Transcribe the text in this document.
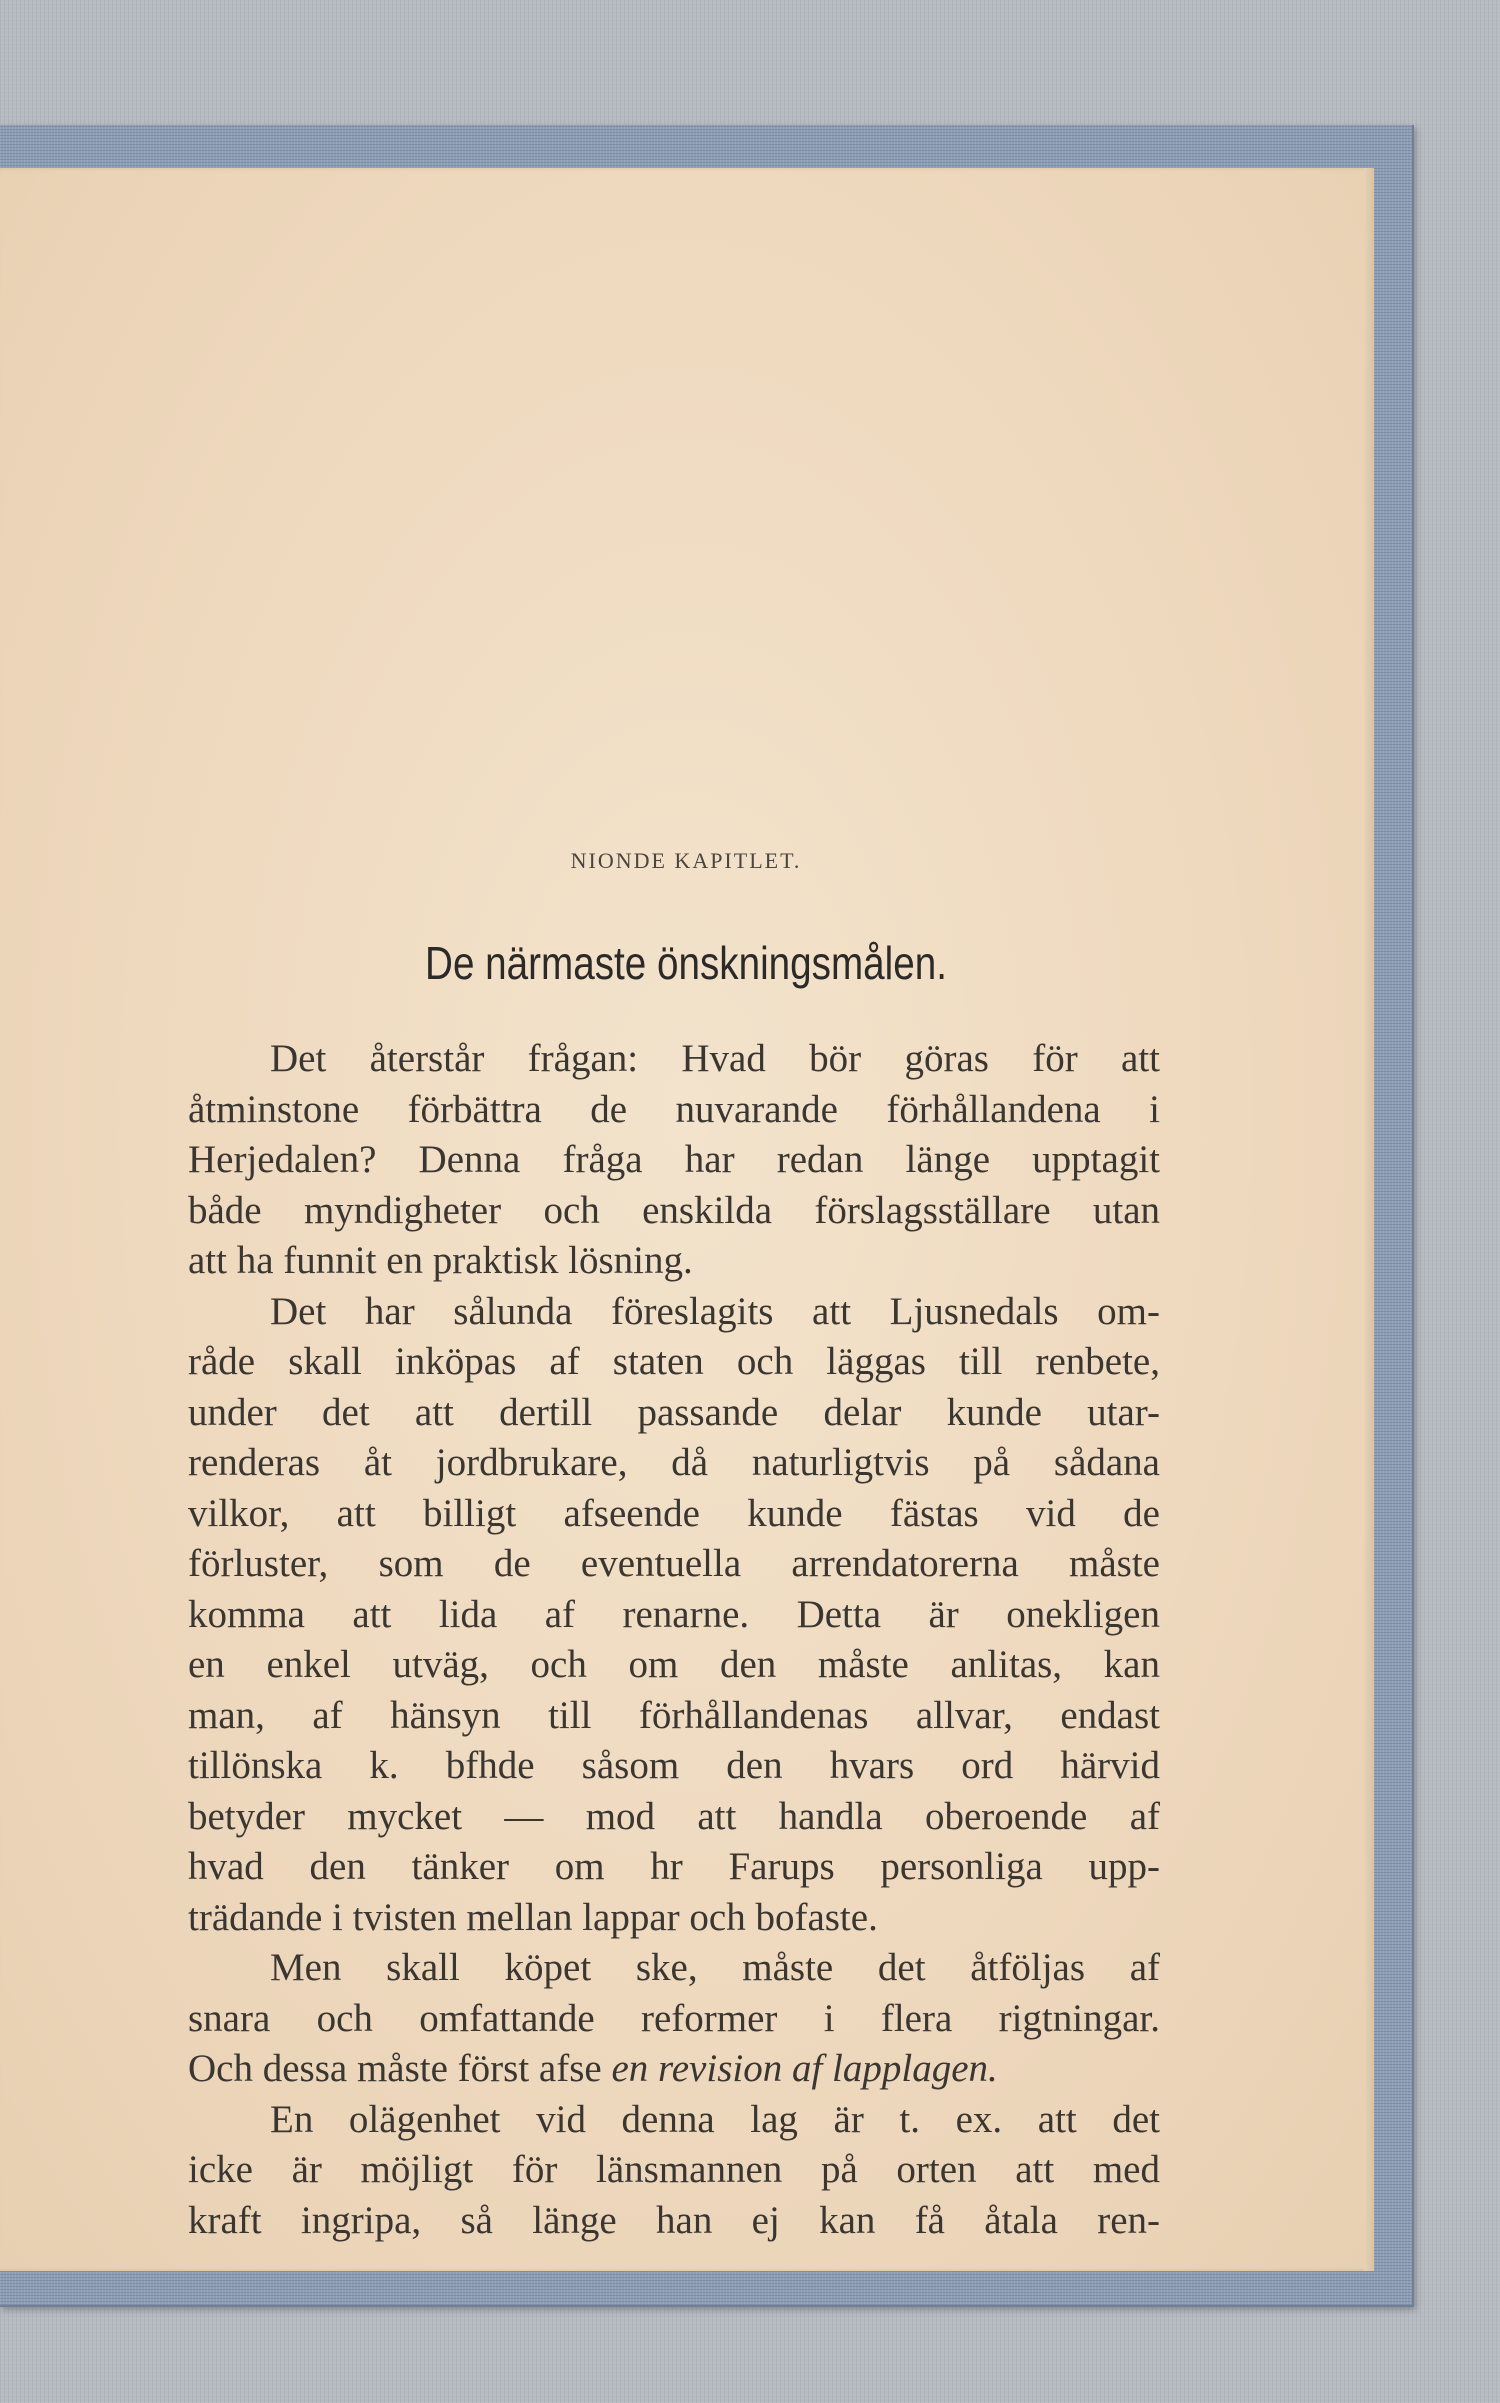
NIONDE KAPITLET.
De närmaste önskningsmålen.
Det återstår frågan: Hvad bör göras för att
åtminstone förbättra de nuvarande förhållandena i
Herjedalen? Denna fråga har redan länge upptagit
både myndigheter och enskilda förslagsställare utan
att ha funnit en praktisk lösning.
Det har sålunda föreslagits att Ljusnedals om-
råde skall inköpas af staten och läggas till renbete,
under det att dertill passande delar kunde utar-
renderas åt jordbrukare, då naturligtvis på sådana
vilkor, att billigt afseende kunde fästas vid de
förluster, som de eventuella arrendatorerna måste
komma att lida af renarne. Detta är onekligen
en enkel utväg, och om den måste anlitas, kan
man, af hänsyn till förhållandenas allvar, endast
tillönska k. bfhde såsom den hvars ord härvid
betyder mycket — mod att handla oberoende af
hvad den tänker om hr Farups personliga upp-
trädande i tvisten mellan lappar och bofaste.
Men skall köpet ske, måste det åtföljas af
snara och omfattande reformer i flera rigtningar.
Och dessa måste först afse en revision af lapplagen.
En olägenhet vid denna lag är t. ex. att det
icke är möjligt för länsmannen på orten att med
kraft ingripa, så länge han ej kan få åtala ren-
